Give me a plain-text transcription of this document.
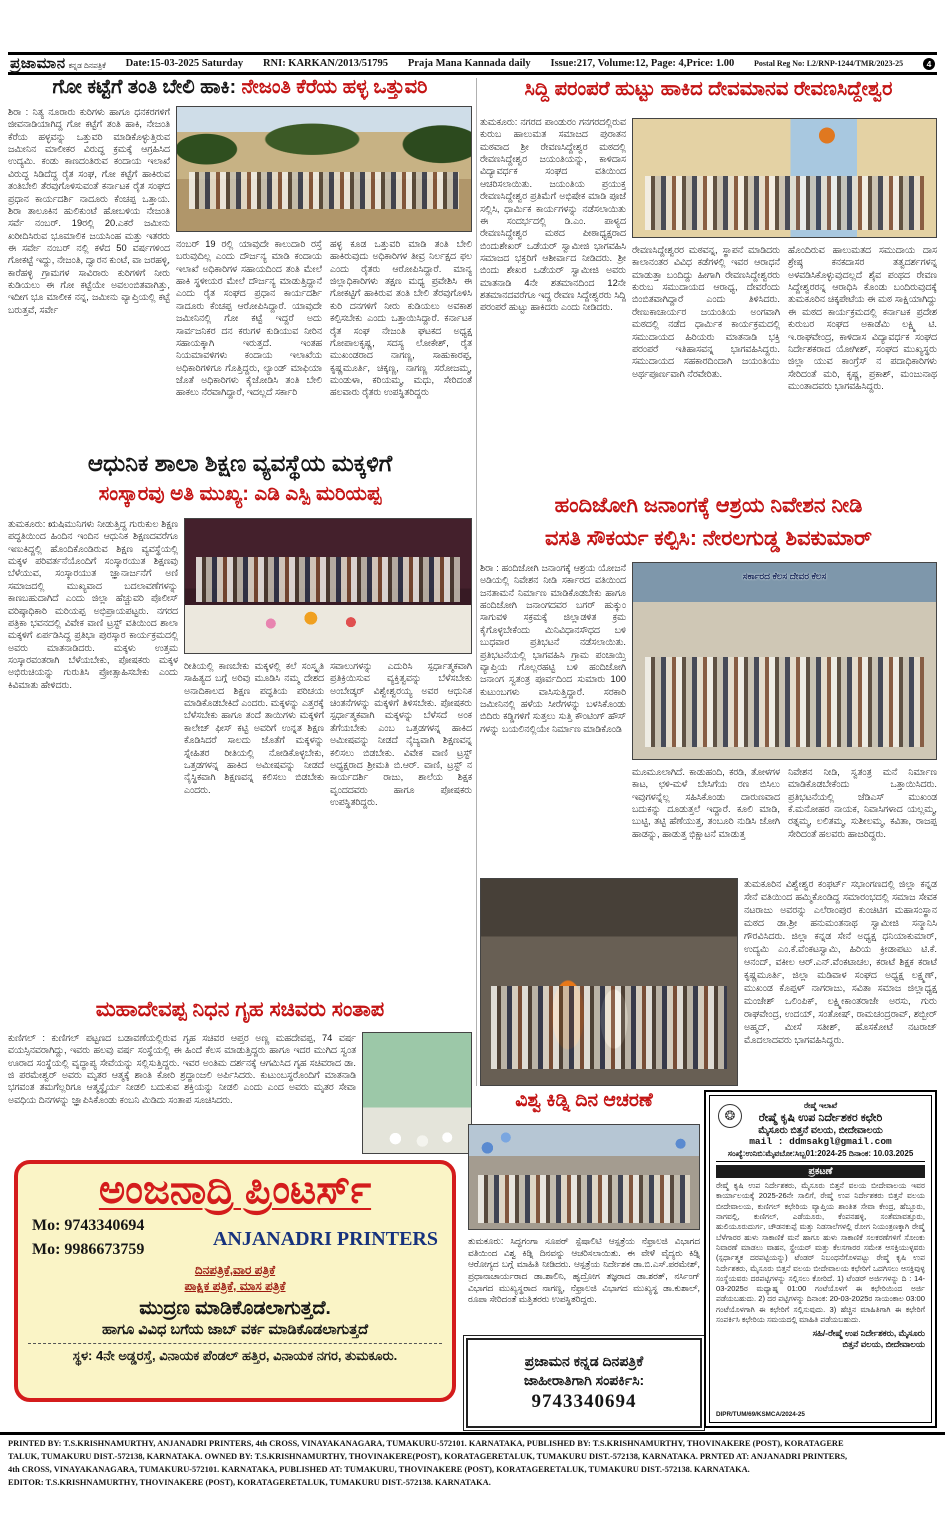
ಪ್ರಜಾಮಾನ ಕನ್ನಡ ದಿನಪತ್ರಿಕೆ Date:15-03-2025 Saturday RNI: KARKAN/2013/51795 Praja Mana Kannada daily Issue:217, Volume:12, Page: 4,Price: 1.00 Postal Reg No: L2/RNP-1244/TMR/2023-25	4
ಗೋ ಕಟ್ಟೆಗೆ ತಂತಿ ಬೇಲಿ ಹಾಕಿ: ನೇಜಂತಿ ಕೆರೆಯ ಹಳ್ಳ ಒತ್ತುವರಿ
ಶಿರಾ : ನಿತ್ಯ ನೂರಾರು ಕುರಿಗಳು ಹಾಗೂ ಧನಕರಗಳಿಗೆ ಜೀವನಾಡಿಯಾಗಿದ್ದ ಗೋ ಕಟ್ಟೆಗೆ ತಂತಿ ಹಾಕಿ, ನೇಜಂತಿ ಕೆರೆಯ ಹಳ್ಳವನ್ನು ಒತ್ತುವರಿ ಮಾಡಿಕೊಳ್ಳುತ್ತಿರುವ ಜಮೀನಿನ ಮಾಲೀಕರ ವಿರುದ್ಧ ಕ್ರಮಕ್ಕೆ ಆಗ್ರಹಿಸಿದ ಉದ್ಯಮಿ. ಕಂಡು ಕಾಣದಂತಿರುವ ಕಂದಾಯ ಇಲಾಖೆ ವಿರುದ್ಧ ಸಿಡಿದೆದ್ದ ರೈತ ಸಂಘ, ಗೋ ಕಟ್ಟೆಗೆ ಹಾಕಿರುವ ತಂತಿಬೇಲಿ ತೆರವುಗೊಳಿಸುವಂತೆ ಕರ್ನಾಟಕ ರೈತ ಸಂಘದ ಪ್ರಧಾನ ಕಾರ್ಯದರ್ಶಿ ನಾದೂರು ಕೆಂಚಪ್ಪ ಒತ್ತಾಯ. ಶಿರಾ ತಾಲೂಕಿನ ಹುಲಿಕುಂಟೆ ಹೋಬಳಿಯ ನೇಜಂತಿ ಸರ್ವೆ ನಂಬರ್. 19ರಲ್ಲಿ 20.ಎಕರೆ ಜಮೀನು ಖರೀದಿಸಿರುವ ಭೂಮಾಲಿಕ ಜಯಸಿಂಹ ಮತ್ತು ಇತರರು ಈ ಸರ್ವೇ ನಂಬರ್ ನಲ್ಲಿ ಕಳೆದ 50 ವರ್ಷಗಳಿಂದ ಗೋಕಟ್ಟೆ ಇದ್ದು, ನೇಜಂತಿ, ದ್ವಾರನ ಕುಂಟೆ, ವಾ ಜರಹಳ್ಳಿ, ಕಾರೆಹಳ್ಳಿ ಗ್ರಾಮಗಳ ಸಾವಿರಾರು ಕುರಿಗಳಿಗೆ ನೀರು ಕುಡಿಯಲು ಈ ಗೋ ಕಟ್ಟೆಯೇ ಅವಲಂಬಿತವಾಗಿತ್ತು, ಇದೀಗ ಭೂ ಮಾಲೀಕ ನನ್ನ, ಜಮೀನು ವ್ಯಾಪ್ತಿಯಲ್ಲಿ ಕಟ್ಟೆ ಬರುತ್ತವೆ, ಸರ್ವೇ
ನಂಬರ್ 19 ರಲ್ಲಿ ಯಾವುದೇ ಕಾಲುದಾರಿ ರಸ್ತೆ ಬರುವುದಿಲ್ಲ ಎಂದು ದೌರ್ಜನ್ಯ ಮಾಡಿ ಕಂದಾಯ ಇಲಾಖೆ ಅಧಿಕಾರಿಗಳ ಸಹಾಯದಿಂದ ತಂತಿ ಮೇಲೆ ಹಾಕಿ ಸ್ಥಳೀಯರ ಮೇಲೆ ದೌರ್ಜನ್ಯ ಮಾಡುತ್ತಿದ್ದಾನೆ ಎಂದು ರೈತ ಸಂಘದ ಪ್ರಧಾನ ಕಾರ್ಯದರ್ಶಿ ನಾದೂರು ಕೆಂಚಪ್ಪ ಆರೋಪಿಸಿದ್ದಾರೆ. ಯಾವುದೇ ಜಮೀನಿನಲ್ಲಿ ಗೋ ಕಟ್ಟೆ ಇದ್ದರೆ ಅದು ಸಾರ್ವಜನಿಕರ ದನ ಕರುಗಳ ಕುಡಿಯುವ ನೀರಿನ ಸಹಾಯಕ್ಕಾಗಿ ಇರುತ್ತದೆ. ಇಂತಹ ನಿಯಮಾವಳಿಗಳು ಕಂದಾಯ ಇಲಾಖೆಯ ಅಧಿಕಾರಿಗಳಿಗೂ ಗೊತ್ತಿದ್ದರು, ಲ್ಯಾಂಡ್ ಮಾಫಿಯಾ ಜೊತೆ ಅಧಿಕಾರಿಗಳು ಕೈಜೋಡಿಸಿ ತಂತಿ ಬೇಲಿ ಹಾಕಲು ನೆರವಾಗಿದ್ದಾರೆ, ಇದಲ್ಲದೆ ಸರ್ಕಾರಿ
ಹಳ್ಳ ಕೂಡ ಒತ್ತುವರಿ ಮಾಡಿ ತಂತಿ ಬೇಲಿ ಹಾಕಿರುವುದು ಅಧಿಕಾರಿಗಳ ತೀವ್ರ ನಿರ್ಲಕ್ಷದ ಫಲ ಎಂದು ರೈತರು ಆರೋಪಿಸಿದ್ದಾರೆ. ಮಾನ್ಯ ಜಿಲ್ಲಾಧಿಕಾರಿಗಳು ತಕ್ಷಣ ಮಧ್ಯ ಪ್ರವೇಶಿಸಿ ಈ ಗೋಕಟ್ಟಿಗೆ ಹಾಕಿರುವ ತಂತಿ ಬೇಲಿ ತೆರವುಗೊಳಿಸಿ ಕುರಿ ದನಗಳಿಗೆ ನೀರು ಕುಡಿಯಲು ಅವಕಾಶ ಕಲ್ಪಿಸಬೇಕು ಎಂದು ಒತ್ತಾಯಿಸಿದ್ದಾರೆ. ಕರ್ನಾಟಕ ರೈತ ಸಂಘ ನೇಜಂತಿ ಘಟಕದ ಅಧ್ಯಕ್ಷ ಗೋಪಾಲಕೃಷ್ಣ, ಸದಸ್ಯ ಲೋಕೇಶ್, ರೈತ ಮುಖಂಡರಾದ ನಾಗಣ್ಣ, ಸಾಹುಕಾರಪ್ಪ, ಕೃಷ್ಣಮೂರ್ತಿ, ಚಿಕ್ಕಣ್ಣ, ನಾಗಣ್ಣ ಸರೋಜಮ್ಮ, ಮಂಡುಳಾ, ಕರಿಯಮ್ಮ, ಮಧು, ಸೇರಿದಂತೆ ಹಲವಾರು ರೈತರು ಉಪಸ್ಥಿತರಿದ್ದರು
ಸಿದ್ದಿ ಪರಂಪರೆ ಹುಟ್ಟು ಹಾಕಿದ ದೇವಮಾನವ ರೇವಣಸಿದ್ದೇಶ್ವರ
ತುಮಕೂರು: ನಗರದ ಪಾಂಡುರಂ ಗನಗರದಲ್ಲಿರುವ ಕುರುಬ ಹಾಲುಮತ ಸಮಾಜದ ಪುರಾತನ ಮಠವಾದ ಶ್ರೀ ರೇವಣಸಿದ್ದೇಶ್ವರ ಮಠದಲ್ಲಿ ರೇವಣಸಿದ್ದೇಶ್ವರ ಜಯಂತಿಯನ್ನು, ಕಾಳಿದಾಸ ವಿದ್ಯಾವರ್ಧಕ ಸಂಘದ ವತಿಯಿಂದ ಆಚರಿಸಲಾಯಿತು. ಜಯಂತಿಯ ಪ್ರಯುಕ್ತ ರೇವಣಸಿದ್ದೇಶ್ವರ ಪ್ರತಿಮೆಗೆ ಅಭಿಷೇಕ ಮಾಡಿ ಪೂಜೆ ಸಲ್ಲಿಸಿ, ಧಾರ್ಮಿಕ ಕಾರ್ಯಗಳನ್ನು ನಡೆಸಲಾಯಿತು ಈ ಸಂದರ್ಭದಲ್ಲಿ ಡಿ.ಎಂ. ಪಾಳ್ಯದ ರೇವಣಸಿದ್ದೇಶ್ವರ ಮಠದ ಪೀಠಾಧ್ಯಕ್ಷರಾದ ಬಿಂದುಶೇಖರ್ ಒಡೆಯರ್ ಸ್ವಾಮೀಜಿ ಭಾಗವಹಿಸಿ ಸಮಾಜದ ಭಕ್ತರಿಗೆ ಆಶೀರ್ವಾದ ನೀಡಿದರು. ಶ್ರೀ ಬಿಂದು ಶೇಖರ ಒಡೆಯರ್ ಸ್ವಾಮೀಜಿ ಅವರು ಮಾತನಾಡಿ 4ನೇ ಶತಮಾನದಿಂದ 12ನೇ ಶತಮಾನದವರೆಗೂ ಇದ್ದ ರೇವಣ ಸಿದ್ದೇಶ್ವರರು ಸಿದ್ದಿ ಪರಂಪರೆ ಹುಟ್ಟು ಹಾಕಿದರು ಎಂದು ನೀಡಿದರು.
ರೇವಣಸಿದ್ದೇಶ್ವರರ ಮಠವನ್ನ, ಸ್ಥಾಪನೆ ಮಾಡಿದರು ಕಾಲಾನಂತರ ವಿವಿಧ ಕಡೆಗಳಲ್ಲಿ ಇವರ ಆರಾಧನೆ ಮಾಡುತ್ತಾ ಬಂದಿದ್ದು ಹೀಗಾಗಿ ರೇವಣಸಿದ್ದೇಶ್ವರರು ಕುರುಬ ಸಮುದಾಯದ ಆರಾಧ್ಯ, ದೇವರೆಂದು ಬಿಂಬಿತವಾಗಿದ್ದಾರೆ ಎಂದು ತಿಳಿಸಿದರು. ರೇಣುಕಾಚಾರ್ಯರ ಜಯಂತಿಯ ಅಂಗವಾಗಿ ಮಠದಲ್ಲಿ ನಡೆದ ಧಾರ್ಮಿಕ ಕಾರ್ಯಕ್ರಮದಲ್ಲಿ ಸಮುದಾಯದ ಹಿರಿಯರು ಮಾತನಾಡಿ ಭಕ್ತಿ ಪರಂಪರೆ ಇತಿಹಾಸವನ್ನ ಭಾಗವಹಿಸಿದ್ದರು. ಸಮುದಾಯದ ಸಹಕಾರದಿಂದಾಗಿ ಜಯಂತಿಯು ಅರ್ಥಪೂರ್ಣವಾಗಿ ನೆರವೇರಿತು.
ಹೊಂದಿರುವ ಹಾಲುಮತದ ಸಮುದಾಯ ದಾಸ ಶ್ರೇಷ್ಠ ಕನಕದಾಸರ ತತ್ವದರ್ಶಗಳನ್ನ ಅಳವಡಿಸಿಕೊಳ್ಳುವುದಲ್ಲದೆ ಶೈವ ಪಂಥದ ರೇವಣ ಸಿದ್ದೇಶ್ವರರನ್ನ ಆರಾಧಿಸಿ ಕೊಂಡು ಬಂದಿರುವುದಕ್ಕೆ ತುಮಕೂರಿನ ಚಿಕ್ಕಪೇಟೆಯ ಈ ಮಠ ಸಾಕ್ಷಿಯಾಗಿದ್ದು ಈ ಮಠದ ಕಾರ್ಯಕ್ರಮದಲ್ಲಿ ಕರ್ನಾಟಕ ಪ್ರದೇಶ ಕುರುಬರ ಸಂಘದ ಅಕಾಡೆಮಿ ಲಕ್ಷ್ಮಿ ಟಿ. ಇ.ರಾಘವೇಂದ್ರ, ಕಾಳಿದಾಸ ವಿದ್ಯಾವರ್ಧಕ ಸಂಘದ ನಿರ್ದೇಶಕರಾದ ಯೋಗೀಶ್, ಸಂಘದ ಮುಖ್ಯಸ್ಥರು ಜಿಲ್ಲಾ ಯುವ ಕಾಂಗ್ರೆಸ್ ನ ಪದಾಧಿಕಾರಿಗಳು ಸೇರಿದಂತೆ ಮರಿ, ಕೃಷ್ಣ, ಪ್ರಕಾಶ್, ಮಂಜುನಾಥ ಮುಂತಾದವರು ಭಾಗವಹಿಸಿದ್ದರು.
ಆಧುನಿಕ ಶಾಲಾ ಶಿಕ್ಷಣ ವ್ಯವಸ್ಥೆಯ ಮಕ್ಕಳಿಗೆ
ಸಂಸ್ಕಾರವು ಅತಿ ಮುಖ್ಯ: ಎಡಿ ಎಸ್ಪಿ ಮರಿಯಪ್ಪ
ತುಮಕೂರು: ಋಷಿಮುನಿಗಳು ನೀಡುತ್ತಿದ್ದ ಗುರುಕುಲ ಶಿಕ್ಷಣ ಪದ್ಧತಿಯಿಂದ ಹಿಂದಿನ ಇಂದಿನ ಆಧುನಿಕ ಶಿಕ್ಷಣದವರೆಗೂ ಇಣುಕಿದ್ದಲ್ಲಿ ಹೊಂದಿಕೊಂಡಿರುವ ಶಿಕ್ಷಣ ವ್ಯವಸ್ಥೆಯಲ್ಲಿ ಮಕ್ಕಳ ಪರಿವರ್ತನೆಯೊಂದಿಗೆ ಸಂಸ್ಕಾರಯುತ ಶಿಕ್ಷಣವು ಬೆಳೆಯುವ, ಸಂಸ್ಕಾರಯುತ ಜ್ಞಾನಾರ್ಜನೆಗೆ ಅಣಿ ಸಮಾಜದಲ್ಲಿ ಮುಖ್ಯವಾದ ಬದಲಾವಣೆಗಳನ್ನು ಕಾಣಬಹುದಾಗಿದೆ ಎಂದು ಜಿಲ್ಲಾ ಹೆಚ್ಚುವರಿ ಪೊಲೀಸ್ ವರಿಷ್ಠಾಧಿಕಾರಿ ಮರಿಯಪ್ಪ ಅಭಿಪ್ರಾಯಪಟ್ಟರು. ನಗರದ ಪತ್ರಿಕಾ ಭವನದಲ್ಲಿ ವಿವೇಕ ವಾಣಿ ಟ್ರಸ್ಟ್ ವತಿಯಿಂದ ಶಾಲಾ ಮಕ್ಕಳಿಗೆ ಏರ್ಪಡಿಸಿದ್ದ ಪ್ರತಿಭಾ ಪುರಸ್ಕಾರ ಕಾರ್ಯಕ್ರಮದಲ್ಲಿ ಅವರು ಮಾತನಾಡಿದರು. ಮಕ್ಕಳು ಉತ್ತಮ ಸಂಸ್ಕಾರವಂತರಾಗಿ ಬೆಳೆಯಬೇಕು, ಪೋಷಕರು ಮಕ್ಕಳ ಅಭಿರುಚಿಯನ್ನು ಗುರುತಿಸಿ ಪ್ರೋತ್ಸಾಹಿಸಬೇಕು ಎಂದು ಕಿವಿಮಾತು ಹೇಳಿದರು.
ರೀತಿಯಲ್ಲಿ ಕಾಣಬೇಕು ಮಕ್ಕಳಲ್ಲಿ ಕಲೆ ಸಂಸ್ಕೃತಿ ಸಾಹಿತ್ಯದ ಬಗ್ಗೆ ಅರಿವು ಮೂಡಿಸಿ ನಮ್ಮ ದೇಶದ ಅನಾದಿಕಾಲದ ಶಿಕ್ಷಣ ಪದ್ಧತಿಯ ಪರಿಚಯ ಮಾಡಿಕೊಡಬೇಕಿದೆ ಎಂದರು. ಮಕ್ಕಳನ್ನು ಎತ್ತರಕ್ಕೆ ಬೆಳೆಸಬೇಕು ಹಾಗೂ ತಂದೆ ತಾಯಿಗಳು ಮಕ್ಕಳಿಗೆ ಕಾಲೇಜ್ ಫೀಸ್ ಕಟ್ಟಿ ಅವರಿಗೆ ಉನ್ನತ ಶಿಕ್ಷಣ ಕೊಡಿಸಿದರೆ ಸಾಲದು ಜೊತೆಗೆ ಮಕ್ಕಳನ್ನು ಸ್ನೇಹಿತರ ರೀತಿಯಲ್ಲಿ ನೋಡಿಕೊಳ್ಳಬೇಕು, ಒತ್ತಡಗಳನ್ನ ಹಾಕಿದ ಅಮೀಷವನ್ನು ನೀಡದೆ ನೈಸ್ಥಿಕವಾಗಿ ಶಿಕ್ಷಣವನ್ನ ಕಲಿಸಲು ಬಿಡಬೇಕು ಎಂದರು.
ಸವಾಲುಗಳನ್ನು ಎದುರಿಸಿ ಸ್ಪರ್ಧಾತ್ಮಕವಾಗಿ ಪ್ರತಿಕ್ರಿಯಿಸುವ ವ್ಯಕ್ತಿತ್ವವನ್ನು ಬೆಳೆಸಬೇಕು ಅಂಬೇಡ್ಕರ್ ವಿಶ್ವೇಶ್ವರಯ್ಯ ಅವರ ಆಧುನಿಕ ಚಿಂತನೆಗಳನ್ನು ಮಕ್ಕಳಿಗೆ ತಿಳಿಸಬೇಕು. ಪೋಷಕರು ಸ್ಪರ್ಧಾತ್ಮಕವಾಗಿ ಮಕ್ಕಳನ್ನು ಬೆಳೆಸದೆ ಅಂಕ ತೆಗೆಯಬೇಕು ಎಂಬ ಒತ್ತಡಗಳನ್ನ ಹಾಕಿದ ಅಮೀಷವನ್ನು ನೀಡದೆ ನೈಜ್ಯವಾಗಿ ಶಿಕ್ಷಣವನ್ನ ಕಲಿಸಲು ಬಿಡಬೇಕು. ವಿವೇಕ ವಾಣಿ ಟ್ರಸ್ಟ್ ಅಧ್ಯಕ್ಷರಾದ ಶ್ರೀಮತಿ ಬಿ.ಆರ್. ವಾಣಿ, ಟ್ರಸ್ಟ್ ನ ಕಾರ್ಯದರ್ಶಿ ರಾಜು, ಶಾಲೆಯ ಶಿಕ್ಷಕ ವೃಂದದವರು ಹಾಗೂ ಪೋಷಕರು ಉಪಸ್ಥಿತರಿದ್ದರು.
ಹಂದಿಜೋಗಿ ಜನಾಂಗಕ್ಕೆ ಆಶ್ರಯ ನಿವೇಶನ ನೀಡಿ
ವಸತಿ ಸೌಕರ್ಯ ಕಲ್ಪಿಸಿ: ನೇರಲಗುಡ್ಡ ಶಿವಕುಮಾರ್
ಶಿರಾ : ಹಂದಿಜೋಗಿ ಜನಾಂಗಕ್ಕೆ ಆಶ್ರಯ ಯೋಜನೆ ಅಡಿಯಲ್ಲಿ ನಿವೇಶನ ನೀಡಿ ಸರ್ಕಾರದ ವತಿಯಿಂದ ಜನತಾಮನೆ ನಿರ್ಮಾಣ ಮಾಡಿಕೊಡಬೇಕು ಹಾಗೂ ಹಂದಿಜೋಗಿ ಜನಾಂಗದವರ ಬಗರ್ ಹುಕ್ಕುಂ ಸಾಗುವಳಿ ಸಕ್ರಮಕ್ಕೆ ಜಿಲ್ಲಾಡಳಿತ ಕ್ರಮ ಕೈಗೊಳ್ಳಬೇಕೆಂದು ಮಿನಿವಿಧಾನಸೌಧದ ಬಳಿ ಬುಧವಾರ ಪ್ರತಿಭಟನೆ ನಡೆಸಲಾಯಿತು. ಪ್ರತಿಭಟನೆಯಲ್ಲಿ ಭಾಗವಹಿಸಿ ಗ್ರಾಮ ಪಂಚಾಯ್ತಿ ವ್ಯಾಪ್ತಿಯ ಗೊಲ್ಲರಹಟ್ಟಿ ಬಳಿ ಹಂದಿಜೋಗಿ ಜನಾಂಗ ಸ್ವತಂತ್ರ ಪೂರ್ವದಿಂದ ಸುಮಾರು 100 ಕುಟುಂಬಗಳು ವಾಸಿಸುತ್ತಿದ್ದಾರೆ. ಸರಕಾರಿ ಜಮೀನಿನಲ್ಲಿ ಹಳೆಯ ಸೀರೆಗಳನ್ನು ಬಳಸಿಕೊಂಡು ಬಿದಿರು ಕಡ್ಡಿಗಳಿಗೆ ಸುತ್ತಲು ಸುತ್ತಿ ಕೌಂಟಿಂಗ್ ಹೌಸ್ ಗಳನ್ನು ಬಯಲಿನಲ್ಲಿಯೇ ನಿರ್ಮಾಣ ಮಾಡಿಕೊಂಡಿ
ಸರ್ಕಾರದ ಕೆಲಸ ದೇವರ ಕೆಲಸ
ಮೂಮೂಲಾಗಿದೆ. ಕಾಡುಹಂದಿ, ಕರಡಿ, ತೋಳಗಳ ಕಾಟ, ಛಳಿ-ಮಳೆ ಬೇಸಿಗೆಯ ರಣ ಬಿಸಿಲು ಇವುಗಳನ್ನೆಲ್ಲ ಸಹಿಸಿಕೊಂಡು ದಾರುಣವಾದ ಬದುಕನ್ನು ದೂಡುತ್ತಲೆ ಇದ್ದಾರೆ. ಕೂಲಿ ಮಾಡಿ, ಬುಟ್ಟಿ, ತಟ್ಟಿ ಹೆಣೆಯುತ್ತ, ತಂಬೂರಿ ನುಡಿಸಿ ಜೋಗಿ ಹಾಡನ್ನು, ಹಾಡುತ್ತ ಭಿಕ್ಷಾಟನೆ ಮಾಡುತ್ತ
ನಿವೇಶನ ನೀಡಿ, ಸ್ವತಂತ್ರ ಮನೆ ನಿರ್ಮಾಣ ಮಾಡಿಕೊಡಬೇಕೆಂದು ಒತ್ತಾಯಿಸಿದರು. ಪ್ರತಿಭಟನೆಯಲ್ಲಿ ಜೆಡಿಎಸ್ ಮುಖಂಡ ಕೆ.ಮನೋಹರ ನಾಯಕ, ನಿವಾಸಿಗಳಾದ ಯಲ್ಲಮ್ಮ, ರತ್ನಮ್ಮ, ಲಲಿತಮ್ಮ, ಸುಶೀಲಮ್ಮ, ಕವಿತಾ, ರಾಜಪ್ಪ ಸೇರಿದಂತೆ ಹಲವರು ಹಾಜರಿದ್ದರು.
ತುಮಕೂರಿನ ವಿಶ್ವೇಶ್ವರ ಕಂಫರ್ಟ್ ಸಭಾಂಗಣದಲ್ಲಿ ಜಿಲ್ಲಾ ಕನ್ನಡ ಸೇನೆ ವತಿಯಿಂದ ಹಮ್ಮಿಕೊಂಡಿದ್ದ ಸಮಾರಂಭದಲ್ಲಿ ಸಮಾಜ ಸೇವಕ ನಟರಾಜು ಅವರನ್ನು ಎಲೆರಾಂಪುರ ಕುಂಚಿಟಿಗ ಮಹಾಸಂಸ್ಥಾನ ಮಠದ ಡಾ.ಶ್ರೀ ಹನುಮಂತನಾಥ ಸ್ವಾಮೀಜಿ ಸನ್ಮಾನಿಸಿ ಗೌರವಿಸಿದರು. ಜಿಲ್ಲಾ ಕನ್ನಡ ಸೇನೆ ಅಧ್ಯಕ್ಷ ಧನಿಯಾಕುಮಾರ್, ಉದ್ಯಮಿ ಎಂ.ಕೆ.ವೆಂಕಟಸ್ವಾಮಿ, ಹಿರಿಯ ಕ್ರೀಡಾಪಟು ಟಿ.ಕೆ. ಆನಂದ್, ವಕೀಲ ಆರ್.ಎನ್.ವೆಂಕಟಾಚಲ, ಕರಾಟೆ ಶಿಕ್ಷಕ ಕರಾಟೆ ಕೃಷ್ಣಮೂರ್ತಿ, ಜಿಲ್ಲಾ ಮಡಿವಾಳ ಸಂಘದ ಅಧ್ಯಕ್ಷ ಲಕ್ಷ್ಮಣ್, ಮುಖಂಡ ಕೊಪ್ಪಳ್ ನಾಗರಾಜು, ಸವಿತಾ ಸಮಾಜ ಜಿಲ್ಲಾಧ್ಯಕ್ಷ ಮಂಜೇಶ್ ಒಲಿಂಪಿಕ್, ಲಕ್ಷ್ಮೀಕಾಂತರಾಜೇ ಅರಸು, ಗುರು ರಾಘವೇಂದ್ರ, ಉದಯ್, ಸಂತೋಷ್, ರಾಮಚಂದ್ರರಾವ್, ಶಬ್ಬೀರ್ ಅಹ್ಮದ್, ಮೀಸೆ ಸತೀಶ್, ಹೊಸಕೋಟೆ ನಟರಾಜ್ ಮೊದಲಾದವರು ಭಾಗವಹಿಸಿದ್ದರು.
ಮಹಾದೇವಪ್ಪ ನಿಧನ ಗೃಹ ಸಚಿವರು ಸಂತಾಪ
ಕುಣಿಗಲ್ : ಕುಣಿಗಲ್ ಪಟ್ಟಣದ ಬಡಾವಣೆಯಲ್ಲಿರುವ ಗೃಹ ಸಚಿವರ ಆಪ್ತರ ಅಣ್ಣ ಮಹದೇವಪ್ಪ, 74 ವರ್ಷ ವಯಸ್ಸಿನವರಾಗಿದ್ದು, ಇವರು ಹಲವು ವರ್ಷ ಸಂಸ್ಥೆಯಲ್ಲಿ ಈ ಹಿಂದೆ ಕೆಲಸ ಮಾಡುತ್ತಿದ್ದರು ಹಾಗೂ ಇದರ ಮುಗಿದ ಸ್ವಂತ ಊರಾದ ಸಂಸ್ಥೆಯಲ್ಲಿ ವೃದ್ಧಾಪ್ಯ ಸೇವೆಯನ್ನು ಸಲ್ಲಿಸುತ್ತಿದ್ದರು. ಇವರ ಅಂತಿಮ ದರ್ಶನಕ್ಕೆ ಆಗಮಿಸಿದ ಗೃಹ ಸಚಿವರಾದ ಡಾ. ಜಿ ಪರಮೇಶ್ವರ್ ಅವರು ಮೃತರ ಆತ್ಮಕ್ಕೆ ಶಾಂತಿ ಕೋರಿ ಶ್ರದ್ಧಾಂಜಲಿ ಅರ್ಪಿಸಿದರು. ಕುಟುಂಬಸ್ಥರೊಂದಿಗೆ ಮಾತನಾಡಿ ಭಗವಂತ ತಮಗೆಲ್ಲರಿಗೂ ಆತ್ಮಸ್ಥೈರ್ಯ ನೀಡಲಿ ಬದುಕುವ ಶಕ್ತಿಯನ್ನು ನೀಡಲಿ ಎಂದು ಎಂದ ಅವರು ಮೃತರ ಸೇವಾ ಅವಧಿಯ ದಿನಗಳನ್ನು ಜ್ಞಾಪಿಸಿಕೊಂಡು ಕಂಬನಿ ಮಿಡಿದು ಸಂತಾಪ ಸೂಚಿಸಿದರು.	ವಿಶ್ವ ಕಿಡ್ನಿ ದಿನ ಆಚರಣೆ
ತುಮಕೂರು: ಸಿದ್ಧಗಂಗಾ ಸೂಪರ್ ಸ್ಪೆಷಾಲಿಟಿ ಆಸ್ಪತ್ರೆಯ ನೆಫ್ರಾಲಜಿ ವಿಭಾಗದ ವತಿಯಿಂದ ವಿಶ್ವ ಕಿಡ್ನಿ ದಿನವನ್ನು ಆಚರಿಸಲಾಯಿತು. ಈ ವೇಳೆ ವೈದ್ಯರು ಕಿಡ್ನಿ ಆರೋಗ್ಯದ ಬಗ್ಗೆ ಮಾಹಿತಿ ನೀಡಿದರು. ಆಸ್ಪತ್ರೆಯ ನಿರ್ದೇಶಕ ಡಾ.ಬಿ.ಎಸ್.ಪರಮೇಶ್, ಪ್ರಧಾನಾಚಾರ್ಯರಾದ ಡಾ.ಶಾಲಿನಿ, ಹೃದ್ರೋಗ ತಜ್ಞರಾದ ಡಾ.ಶರತ್, ನರ್ಸಿಂಗ್ ವಿಭಾಗದ ಮುಖ್ಯಸ್ಥರಾದ ನಾಗಣ್ಣ, ನೆಫ್ರಾಲಜಿ ವಿಭಾಗದ ಮುಖ್ಯಸ್ಥ ಡಾ.ಕುಶಾಲ್, ರೂಪಾ ಸೇರಿದಂತೆ ಮತ್ತಿತರರು ಉಪಸ್ಥಿತರಿದ್ದರು.
ಅಂಜನಾದ್ರಿ ಪ್ರಿಂಟರ್ಸ್
Mo: 9743340694
Mo: 9986673759	ANJANADRI PRINTERS
ದಿನಪತ್ರಿಕೆ,ವಾರ ಪತ್ರಿಕೆ
ಪಾಕ್ಷಿಕ ಪತ್ರಿಕೆ, ಮಾಸ ಪತ್ರಿಕೆ
ಮುದ್ರಣ ಮಾಡಿಕೊಡಲಾಗುತ್ತದೆ.
ಹಾಗೂ ವಿವಿಧ ಬಗೆಯ ಜಾಬ್ ವರ್ಕ ಮಾಡಿಕೊಡಲಾಗುತ್ತದೆ
ಸ್ಥಳ: 4ನೇ ಅಡ್ಡರಸ್ತೆ, ವಿನಾಯಕ ಪೆಂಡಲ್ ಹತ್ತಿರ, ವಿನಾಯಕ ನಗರ, ತುಮಕೂರು.	ಪ್ರಜಾಮನ ಕನ್ನಡ ದಿನಪತ್ರಿಕೆ
ಜಾಹೀರಾತಿಗಾಗಿ ಸಂಪರ್ಕಿಸಿ:
9743340694
❂
ರೇಷ್ಮೆ ಇಲಾಖೆ
ರೇಷ್ಮೆ ಕೃಷಿ ಉಪ ನಿರ್ದೇಶಕರ ಕಛೇರಿ
ಮೈಸೂರು ಬಿತ್ತನೆ ವಲಯ, ಬೀದೇವಾಲಯ
mail : ddmsakgl@gmail.com
ಸಂಖ್ಯೆ:ಉನಿಬಿ:ಮೈವಬೋ:ಸಿಬ್ಬ01:2024-25 ದಿನಾಂಕ: 10.03.2025
ಪ್ರಕಟಣೆ
ರೇಷ್ಮೆ ಕೃಷಿ ಉಪ ನಿರ್ದೇಶಕರು, ಮೈಸೂರು ಬಿತ್ತನೆ ವಲಯ ಬೀದೇವಾಲಯ ಇವರ ಕಾರ್ಯಾಲಯಕ್ಕೆ 2025-26ನೇ ಸಾಲಿಗೆ, ರೇಷ್ಮೆ ಉಪ ನಿರ್ದೇಶಕರು ಬಿತ್ತನೆ ವಲಯ ಬೀದೇವಾಲಯ, ಕುಣಿಗಲ್ ಕಛೇರಿಯ ವ್ಯಾಪ್ತಿಯ ಶಾಂತಿತ ಸೇವಾ ಕೇಂದ್ರ, ಹೆಬ್ಬೂರು, ನಾಗವಲ್ಲಿ, ಕುಣಿಗಲ್, ಎಡೆಯೂರು, ಕೆಂಪನಹಳ್ಳಿ, ಸಂತೆಮಾವತ್ತೂರು, ಹುಲಿಯೂರುದುರ್ಗ, ಚೌಡನಕುಪ್ಪೆ ಮತ್ತು ನಿಡಸಾಲೆಗಳಲ್ಲಿ ರೋಗ ನಿಯಂತ್ರಣಕ್ಕಾಗಿ ರೇಷ್ಮೆ ಬೆಳೆಗಾರರ ಹುಳು ಸಾಕಾಣಿಕೆ ಮನೆ ಹಾಗೂ ಹುಳು ಸಾಕಾಣಿಕೆ ಸಲಕರಣೆಗಳಿಗೆ ಸೋಂಕು ನಿವಾರಣೆ ಮಾಡಲು ವಾಹನ, ಸ್ಪ್ರೇಯರ್ ಮತ್ತು ಕೆಲಸಗಾರರ ಸಮೇತ ಆಸಕ್ತಿಯುಳ್ಳವರು (ಸ್ಪರ್ಧಾತ್ಮಕ ದರಪಟ್ಟಿಯನ್ನು) ಟೆಂಡರ್ ನಿಬಂಧನೆಗೊಳಪಟ್ಟು ರೇಷ್ಮೆ ಕೃಷಿ ಉಪ ನಿರ್ದೇಶಕರು, ಮೈಸೂರು ಬಿತ್ತನೆ ವಲಯ ಬೀದೇವಾಲಯ ಕಛೇರಿಗೆ ಒದಗಿಸಲು ಆಸಕ್ತಿವುಳ್ಳ ಸಂಸ್ಥೆಯವರು ದರಪಟ್ಟಿಗಳನ್ನು ಸಲ್ಲಿಸಲು ಕೋರಿದೆ. 1) ಟೆಂಡರ್ ಅರ್ಜಿಗಳನ್ನು ದಿ : 14-03-2025ರ ಮಧ್ಯಾಹ್ನ 01:00 ಗಂಟೆಯೊಳಗೆ ಈ ಕಛೇರಿಯಿಂದ ಅರ್ಜಿ ಪಡೆಯಬಹುದು. 2) ದರ ಪಟ್ಟಿಗಳನ್ನು ದಿನಾಂಕ: 20-03-2025ರ ಸಾಯಂಕಾಲ 03:00 ಗಂಟೆಯೊಳಗಾಗಿ ಈ ಕಛೇರಿಗೆ ಸಲ್ಲಿಸುವುದು. 3) ಹೆಚ್ಚಿನ ಮಾಹಿತಿಗಾಗಿ ಈ ಕಛೇರಿಗೆ ಸಂಪರ್ಕಿಸಿ ಕಛೇರಿಯ ಸಮಯದಲ್ಲಿ ಮಾಹಿತಿ ಪಡೆಯಬಹುದು.
ಸಹಿ/-ರೇಷ್ಮೆ ಉಪ ನಿರ್ದೇಶಕರು, ಮೈಸೂರು
ಬಿತ್ತನೆ ವಲಯ, ಬೀದೇವಾಲಯ
DIPR/TUM/69/KSMCA/2024-25
PRINTED BY: T.S.KRISHNAMURTHY, ANJANADRI PRINTERS, 4th CROSS, VINAYAKANAGARA, TUMAKURU-572101. KARNATAKA, PUBLISHED BY: T.S.KRISHNAMURTHY, THOVINAKERE (POST), KORATAGERE
TALUK, TUMAKURU DIST.-572138, KARNATAKA. OWNED BY: T.S.KRISHNAMURTHY, THOVINAKERE(POST), KORATAGERETALUK, TUMAKURU DIST.-572138, KARNATAKA. PRNTED AT: ANJANADRI PRINTERS,
4th CROSS, VINAYAKANAGARA, TUMAKURU-572101. KARNATAKA, PUBLISHED AT: TUMAKURU, THOVINAKERE (POST), KORATAGERETALUK, TUMAKURU DIST.-572138. KARNATAKA.
EDITOR: T.S.KRISHNAMURTHY, THOVINAKERE (POST), KORATAGERETALUK, TUMAKURU DIST.-572138. KARNATAKA.
